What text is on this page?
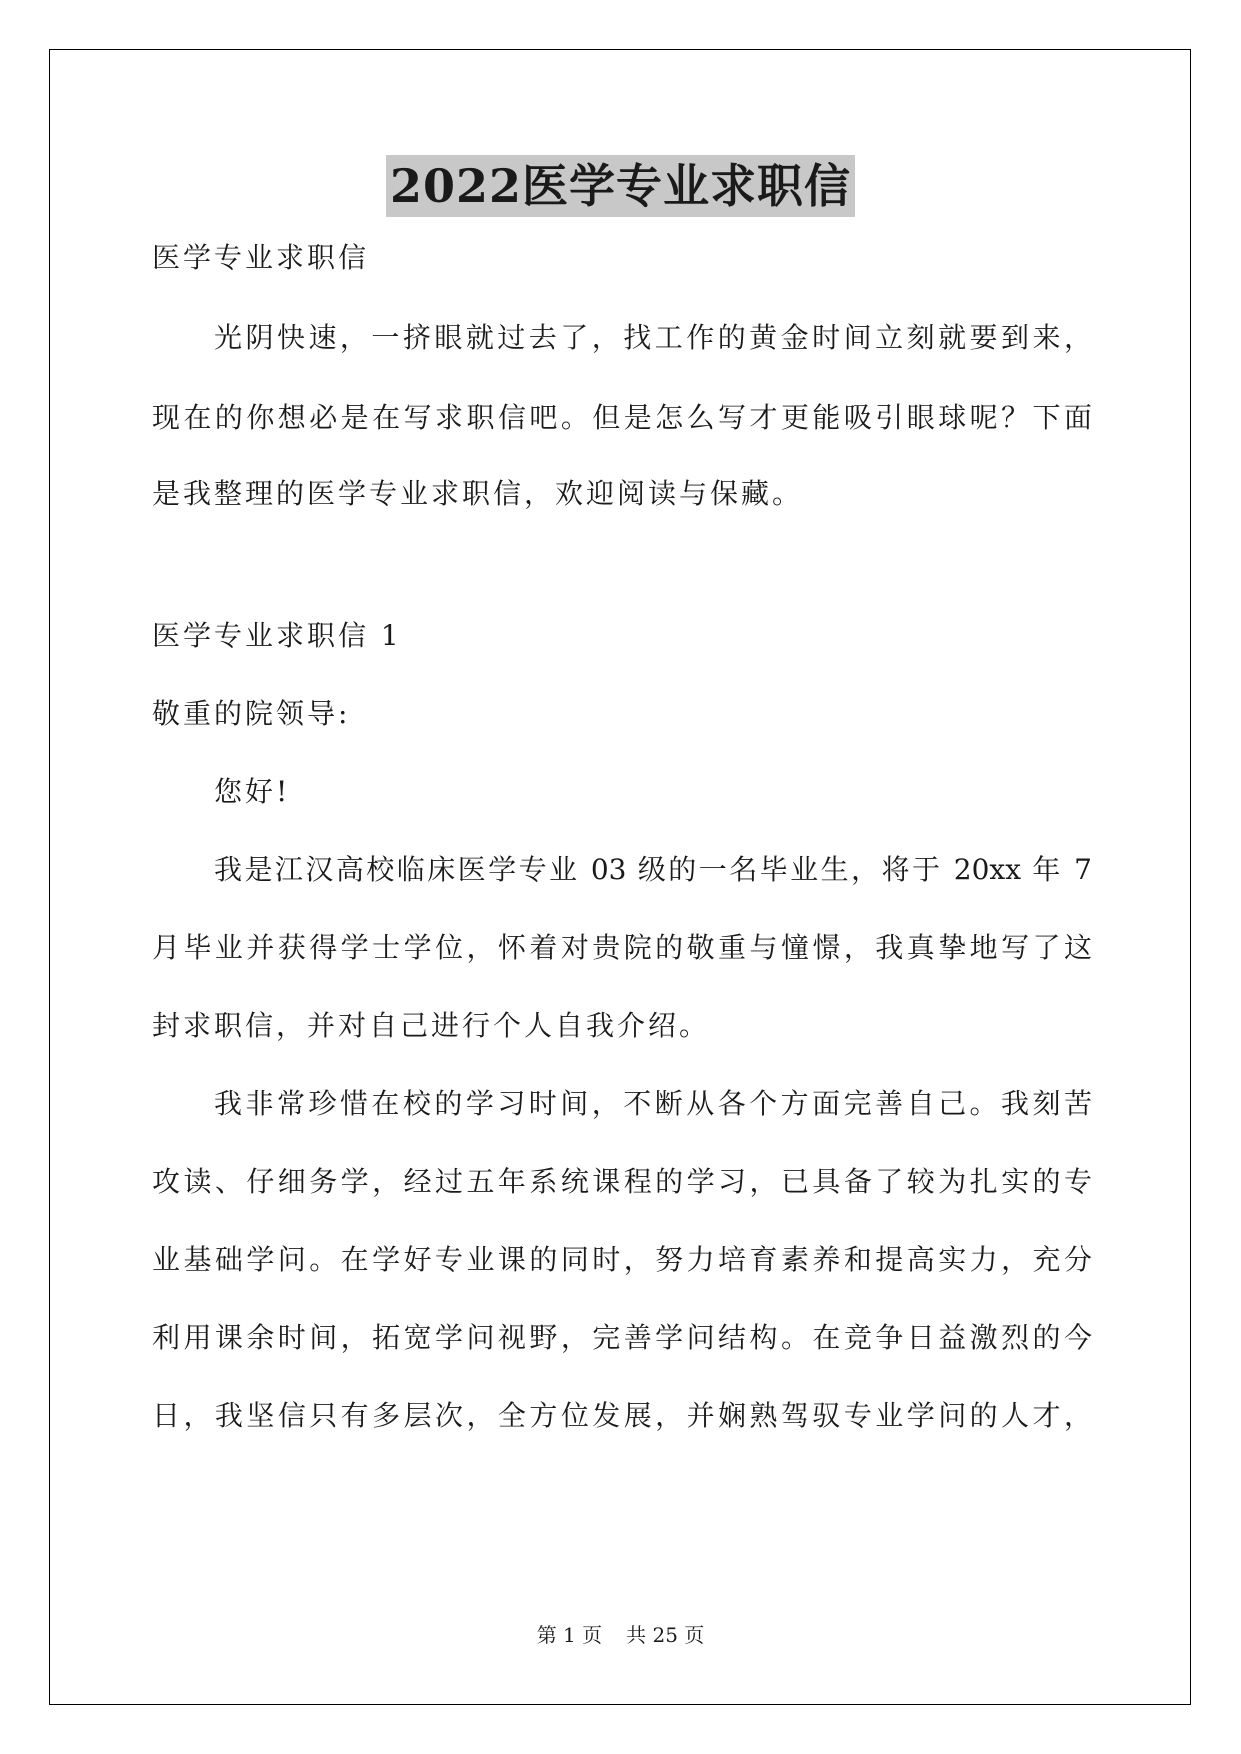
2022医学专业求职信
医学专业求职信
光阴快速，一挤眼就过去了，找工作的黄金时间立刻就要到来，
现在的你想必是在写求职信吧。但是怎么写才更能吸引眼球呢？下面
是我整理的医学专业求职信，欢迎阅读与保藏。
医学专业求职信 1
敬重的院领导:
您好!
我是江汉高校临床医学专业 03 级的一名毕业生，将于 20xx 年 7
月毕业并获得学士学位，怀着对贵院的敬重与憧憬，我真挚地写了这
封求职信，并对自己进行个人自我介绍。
我非常珍惜在校的学习时间，不断从各个方面完善自己。我刻苦
攻读、仔细务学，经过五年系统课程的学习，已具备了较为扎实的专
业基础学问。在学好专业课的同时，努力培育素养和提高实力，充分
利用课余时间，拓宽学问视野，完善学问结构。在竞争日益激烈的今
日，我坚信只有多层次，全方位发展，并娴熟驾驭专业学问的人才，
第 1 页 共 25 页
